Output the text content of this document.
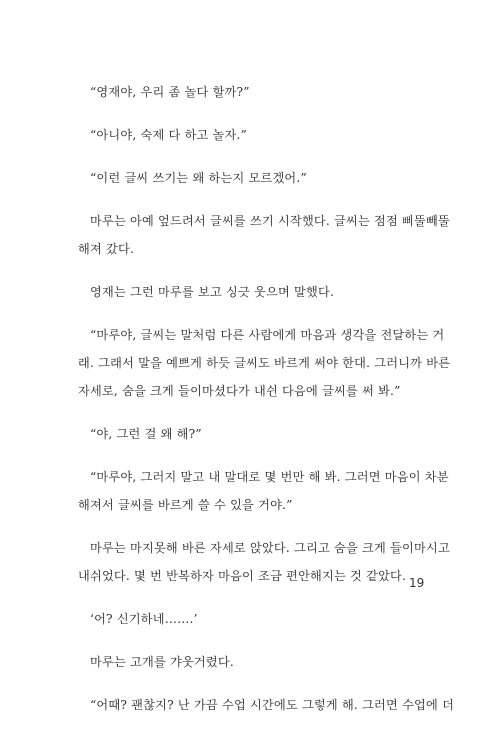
“영재야, 우리 좀 놀다 할까?”

“아니야, 숙제 다 하고 놀자.”

“이런 글씨 쓰기는 왜 하는지 모르겠어.”

마루는 아예 엎드려서 글씨를 쓰기 시작했다. 글씨는 점점 삐뚤빼뚤
해져 갔다.

영재는 그런 마루를 보고 싱긋 웃으며 말했다.

“마루야, 글씨는 말처럼 다른 사람에게 마음과 생각을 전달하는 거
래. 그래서 말을 예쁘게 하듯 글씨도 바르게 써야 한대. 그러니까 바른
자세로, 숨을 크게 들이마셨다가 내쉰 다음에 글씨를 써 봐.”

“야, 그런 걸 왜 해?”

“마루야, 그러지 말고 내 말대로 몇 번만 해 봐. 그러면 마음이 차분
해져서 글씨를 바르게 쓸 수 있을 거야.”

마루는 마지못해 바른 자세로 앉았다. 그리고 숨을 크게 들이마시고
내쉬었다. 몇 번 반복하자 마음이 조금 편안해지는 것 같았다.

‘어? 신기하네…….’

마루는 고개를 갸웃거렸다.

“어때? 괜찮지? 난 가끔 수업 시간에도 그렇게 해. 그러면 수업에 더

19
